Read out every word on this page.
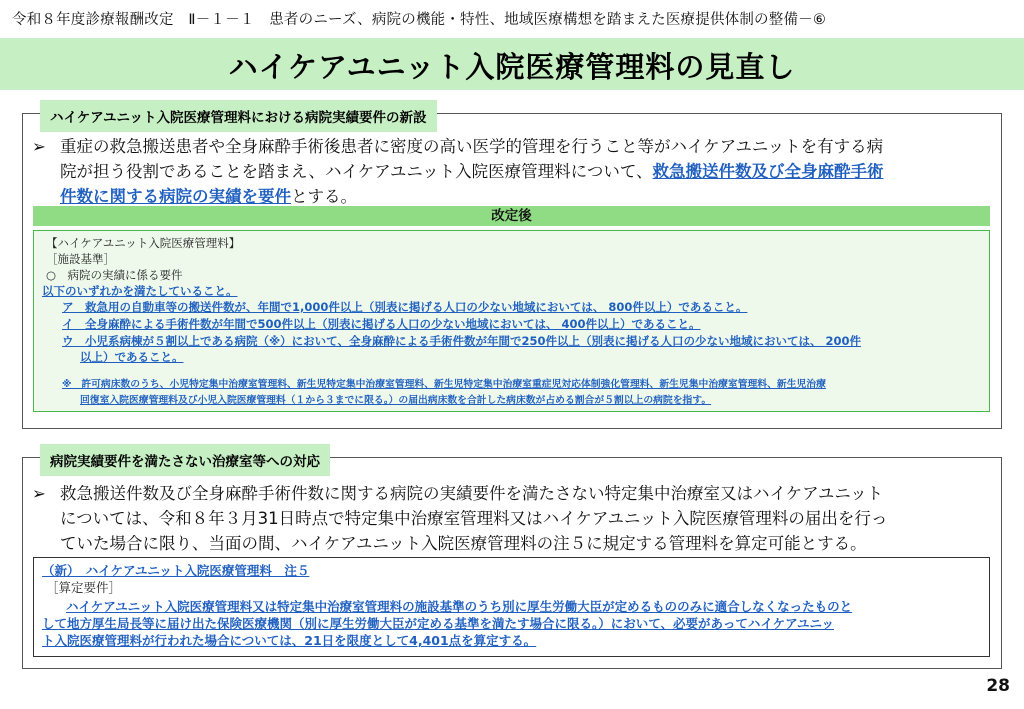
令和８年度診療報酬改定　Ⅱ－１－１　患者のニーズ、病院の機能・特性、地域医療構想を踏まえた医療提供体制の整備－⑥
ハイケアユニット入院医療管理料の見直し
ハイケアユニット入院医療管理料における病院実績要件の新設
➢ 重症の救急搬送患者や全身麻酔手術後患者に密度の高い医学的管理を行うこと等がハイケアユニットを有する病
院が担う役割であることを踏まえ、ハイケアユニット入院医療管理料について、救急搬送件数及び全身麻酔手術
件数に関する病院の実績を要件とする。
改定後
【ハイケアユニット入院医療管理料】
［施設基準］
○　病院の実績に係る要件
以下のいずれかを満たしていること。
ア　救急用の自動車等の搬送件数が、年間で1,000件以上（別表に掲げる人口の少ない地域においては、 800件以上）であること。
イ　全身麻酔による手術件数が年間で500件以上（別表に掲げる人口の少ない地域においては、 400件以上）であること。
ウ　小児系病棟が５割以上である病院（※）において、全身麻酔による手術件数が年間で250件以上（別表に掲げる人口の少ない地域においては、 200件
以上）であること。
※　許可病床数のうち、小児特定集中治療室管理料、新生児特定集中治療室管理料、新生児特定集中治療室重症児対応体制強化管理料、新生児集中治療室管理料、新生児治療
回復室入院医療管理料及び小児入院医療管理料（１から３までに限る。）の届出病床数を合計した病床数が占める割合が５割以上の病院を指す。
病院実績要件を満たさない治療室等への対応
➢ 救急搬送件数及び全身麻酔手術件数に関する病院の実績要件を満たさない特定集中治療室又はハイケアユニット
については、令和８年３月31日時点で特定集中治療室管理料又はハイケアユニット入院医療管理料の届出を行っ
ていた場合に限り、当面の間、ハイケアユニット入院医療管理料の注５に規定する管理料を算定可能とする。
（新）　ハイケアユニット入院医療管理料　注５
［算定要件］
ハイケアユニット入院医療管理料又は特定集中治療室管理料の施設基準のうち別に厚生労働大臣が定めるもののみに適合しなくなったものと
して地方厚生局長等に届け出た保険医療機関（別に厚生労働大臣が定める基準を満たす場合に限る。）において、必要があってハイケアユニッ
ト入院医療管理料が行われた場合については、21日を限度として4,401点を算定する。
28
